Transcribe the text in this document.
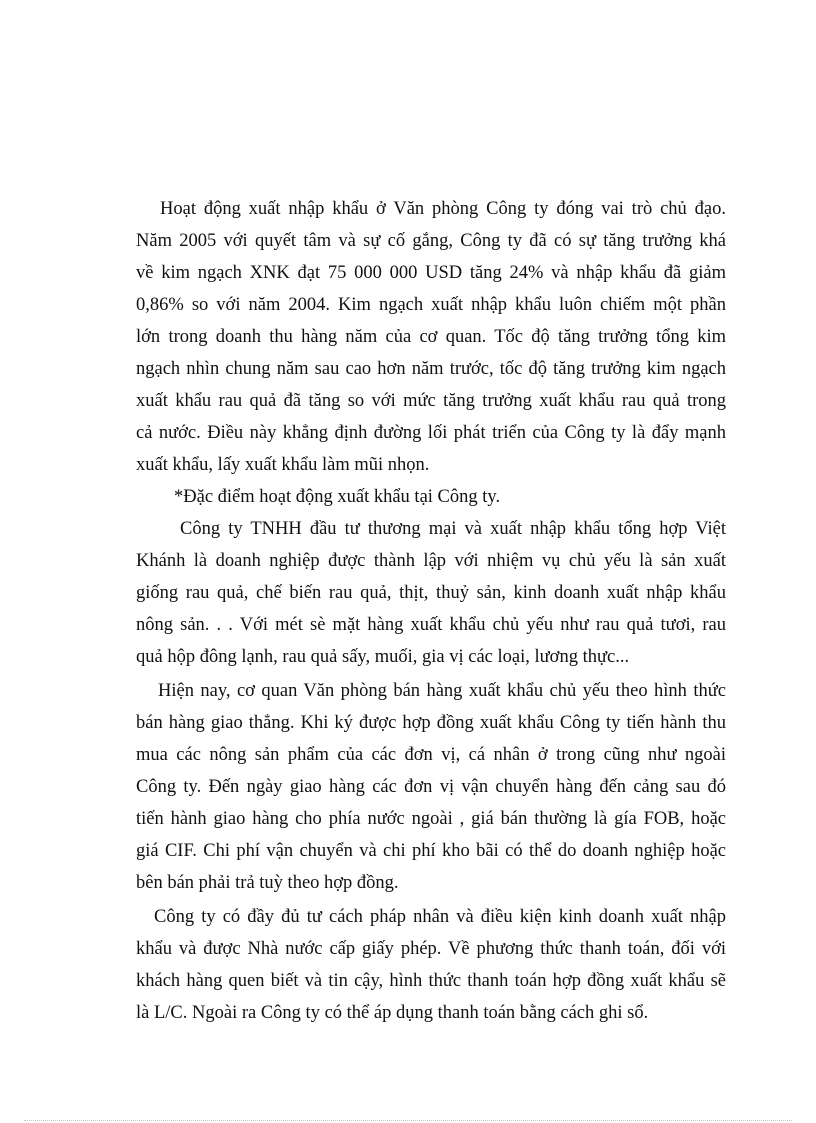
Hoạt động xuất nhập khẩu ở Văn phòng Công ty đóng vai trò chủ đạo.
Năm 2005 với quyết tâm và sự cố gắng, Công ty đã có sự tăng trưởng khá
về kim ngạch XNK đạt 75 000 000 USD tăng 24% và nhập khẩu đã giảm
0,86% so với năm 2004. Kim ngạch xuất nhập khẩu luôn chiếm một phần
lớn trong doanh thu hàng năm của cơ quan. Tốc độ tăng trưởng tổng kim
ngạch nhìn chung năm sau cao hơn năm trước, tốc độ tăng trưởng kim ngạch
xuất khẩu rau quả đã tăng so với mức tăng trưởng xuất khẩu rau quả trong
cả nước. Điều này khẳng định đường lối phát triển của Công ty là đẩy mạnh
xuất khẩu, lấy xuất khẩu làm mũi nhọn.
*Đặc điểm hoạt động xuất khẩu tại Công ty.
Công ty TNHH đầu tư thương mại và xuất nhập khẩu tổng hợp Việt
Khánh là doanh nghiệp được thành lập với nhiệm vụ chủ yếu là sản xuất
giống rau quả, chế biến rau quả, thịt, thuỷ sản, kinh doanh xuất nhập khẩu
nông sản. . . Với mét sè mặt hàng xuất khẩu chủ yếu như rau quả tươi, rau
quả hộp đông lạnh, rau quả sấy, muối, gia vị các loại, lương thực...
Hiện nay, cơ quan Văn phòng bán hàng xuất khẩu chủ yếu theo hình thức
bán hàng giao thẳng. Khi ký được hợp đồng xuất khẩu Công ty tiến hành thu
mua các nông sản phẩm của các đơn vị, cá nhân ở trong cũng như ngoài
Công ty. Đến ngày giao hàng các đơn vị vận chuyển hàng đến cảng sau đó
tiến hành giao hàng cho phía nước ngoài , giá bán thường là gía FOB, hoặc
giá CIF. Chi phí vận chuyển và chi phí kho bãi có thể do doanh nghiệp hoặc
bên bán phải trả tuỳ theo hợp đồng.
Công ty có đầy đủ tư cách pháp nhân và điều kiện kinh doanh xuất nhập
khẩu và được Nhà nước cấp giấy phép. Về phương thức thanh toán, đối với
khách hàng quen biết và tin cậy, hình thức thanh toán hợp đồng xuất khẩu sẽ
là L/C. Ngoài ra Công ty có thể áp dụng thanh toán bằng cách ghi sổ.
